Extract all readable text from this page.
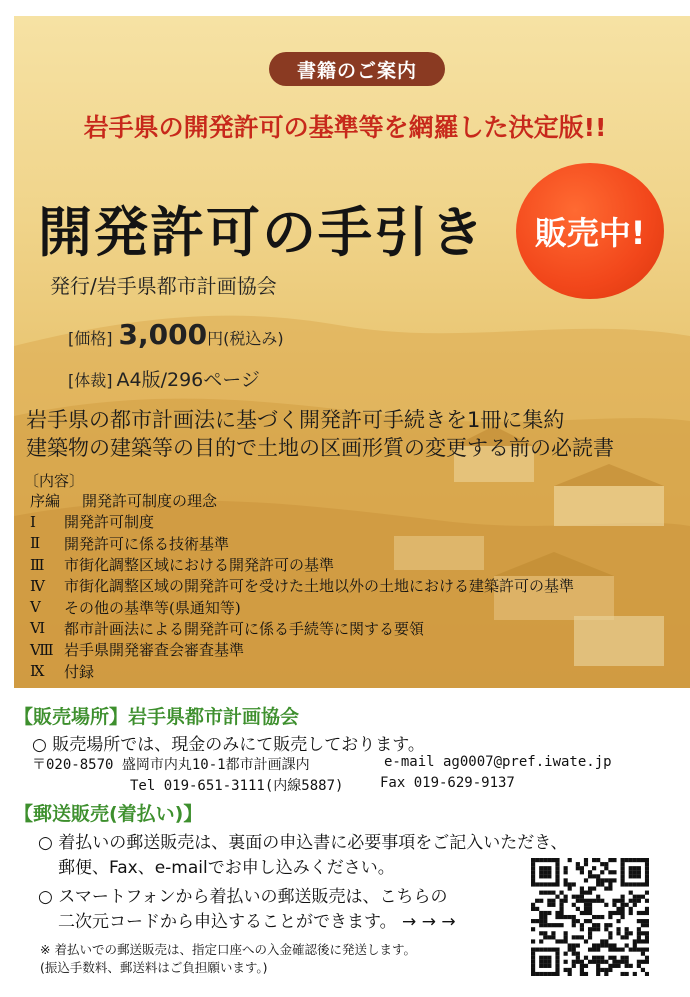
書籍のご案内
岩手県の開発許可の基準等を網羅した決定版!!
開発許可の手引き	販売中!
発行/岩手県都市計画協会
[価格] 3,000円(税込み)
[体裁] A4版/296ページ
岩手県の都市計画法に基づく開発許可手続きを1冊に集約
建築物の建築等の目的で土地の区画形質の変更する前の必読書
〔内容〕
序編	開発許可制度の理念
Ⅰ	開発許可制度
Ⅱ	開発許可に係る技術基準
Ⅲ	市街化調整区域における開発許可の基準
Ⅳ	市街化調整区域の開発許可を受けた土地以外の土地における建築許可の基準
Ⅴ	その他の基準等(県通知等)
Ⅵ	都市計画法による開発許可に係る手続等に関する要領
Ⅷ 岩手県開発審査会審査基準
Ⅸ	付録
【販売場所】岩手県都市計画協会
○ 販売場所では、現金のみにて販売しております。
〒020-8570 盛岡市内丸10-1都市計画課内	e-mail ag0007@pref.iwate.jp
Tel 019-651-3111(内線5887)	Fax 019-629-9137
【郵送販売(着払い)】
○ 着払いの郵送販売は、裏面の申込書に必要事項をご記入いただき、
郵便、Fax、e-mailでお申し込みください。
○ スマートフォンから着払いの郵送販売は、こちらの
二次元コードから申込することができます。 → → →
※ 着払いでの郵送販売は、指定口座への入金確認後に発送します。
(振込手数料、郵送料はご負担願います。)
